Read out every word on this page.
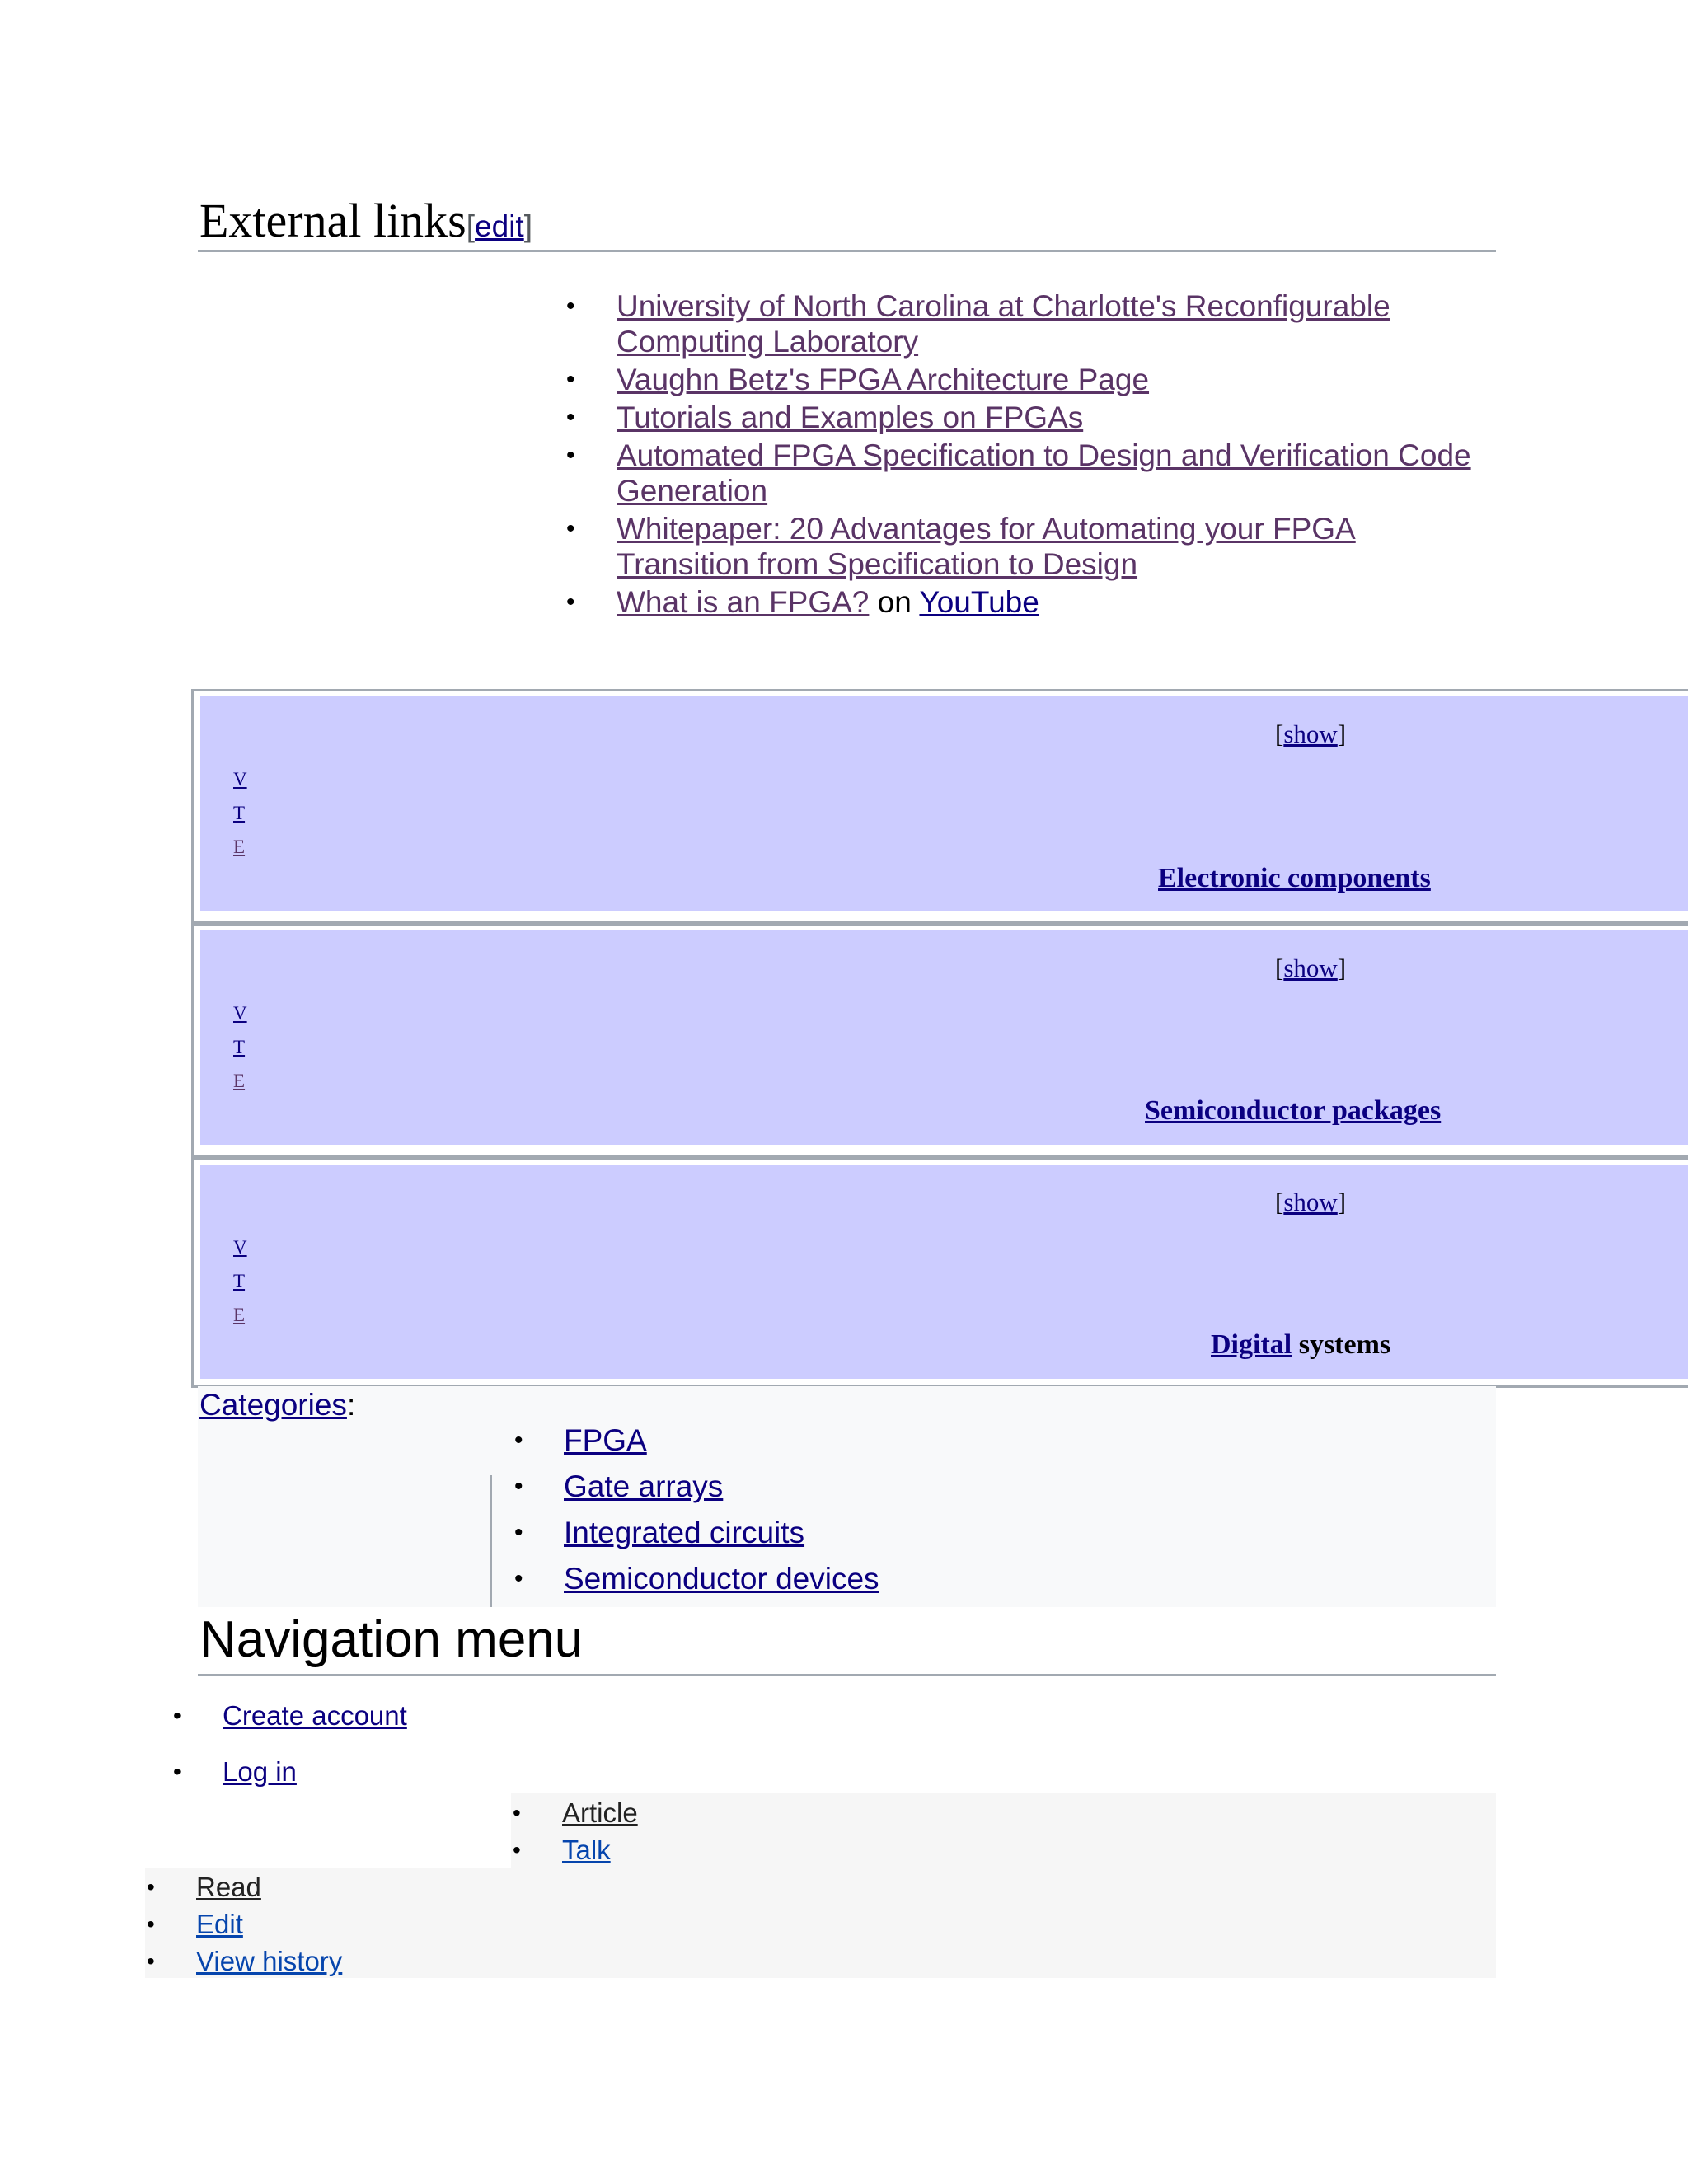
External links[edit]
• University of North Carolina at Charlotte's Reconfigurable Computing Laboratory
• Vaughn Betz's FPGA Architecture Page
• Tutorials and Examples on FPGAs
• Automated FPGA Specification to Design and Verification Code Generation
• Whitepaper: 20 Advantages for Automating your FPGA Transition from Specification to Design
• What is an FPGA? on YouTube
V
T
E
[show]
Electronic components
V
T
E
[show]
Semiconductor packages
V
T
E
[show]
Digital systems
Categories:
• FPGA
• Gate arrays
• Integrated circuits
• Semiconductor devices
Navigation menu
• Create account
• Log in
• Article
• Talk
• Read
• Edit
• View history
